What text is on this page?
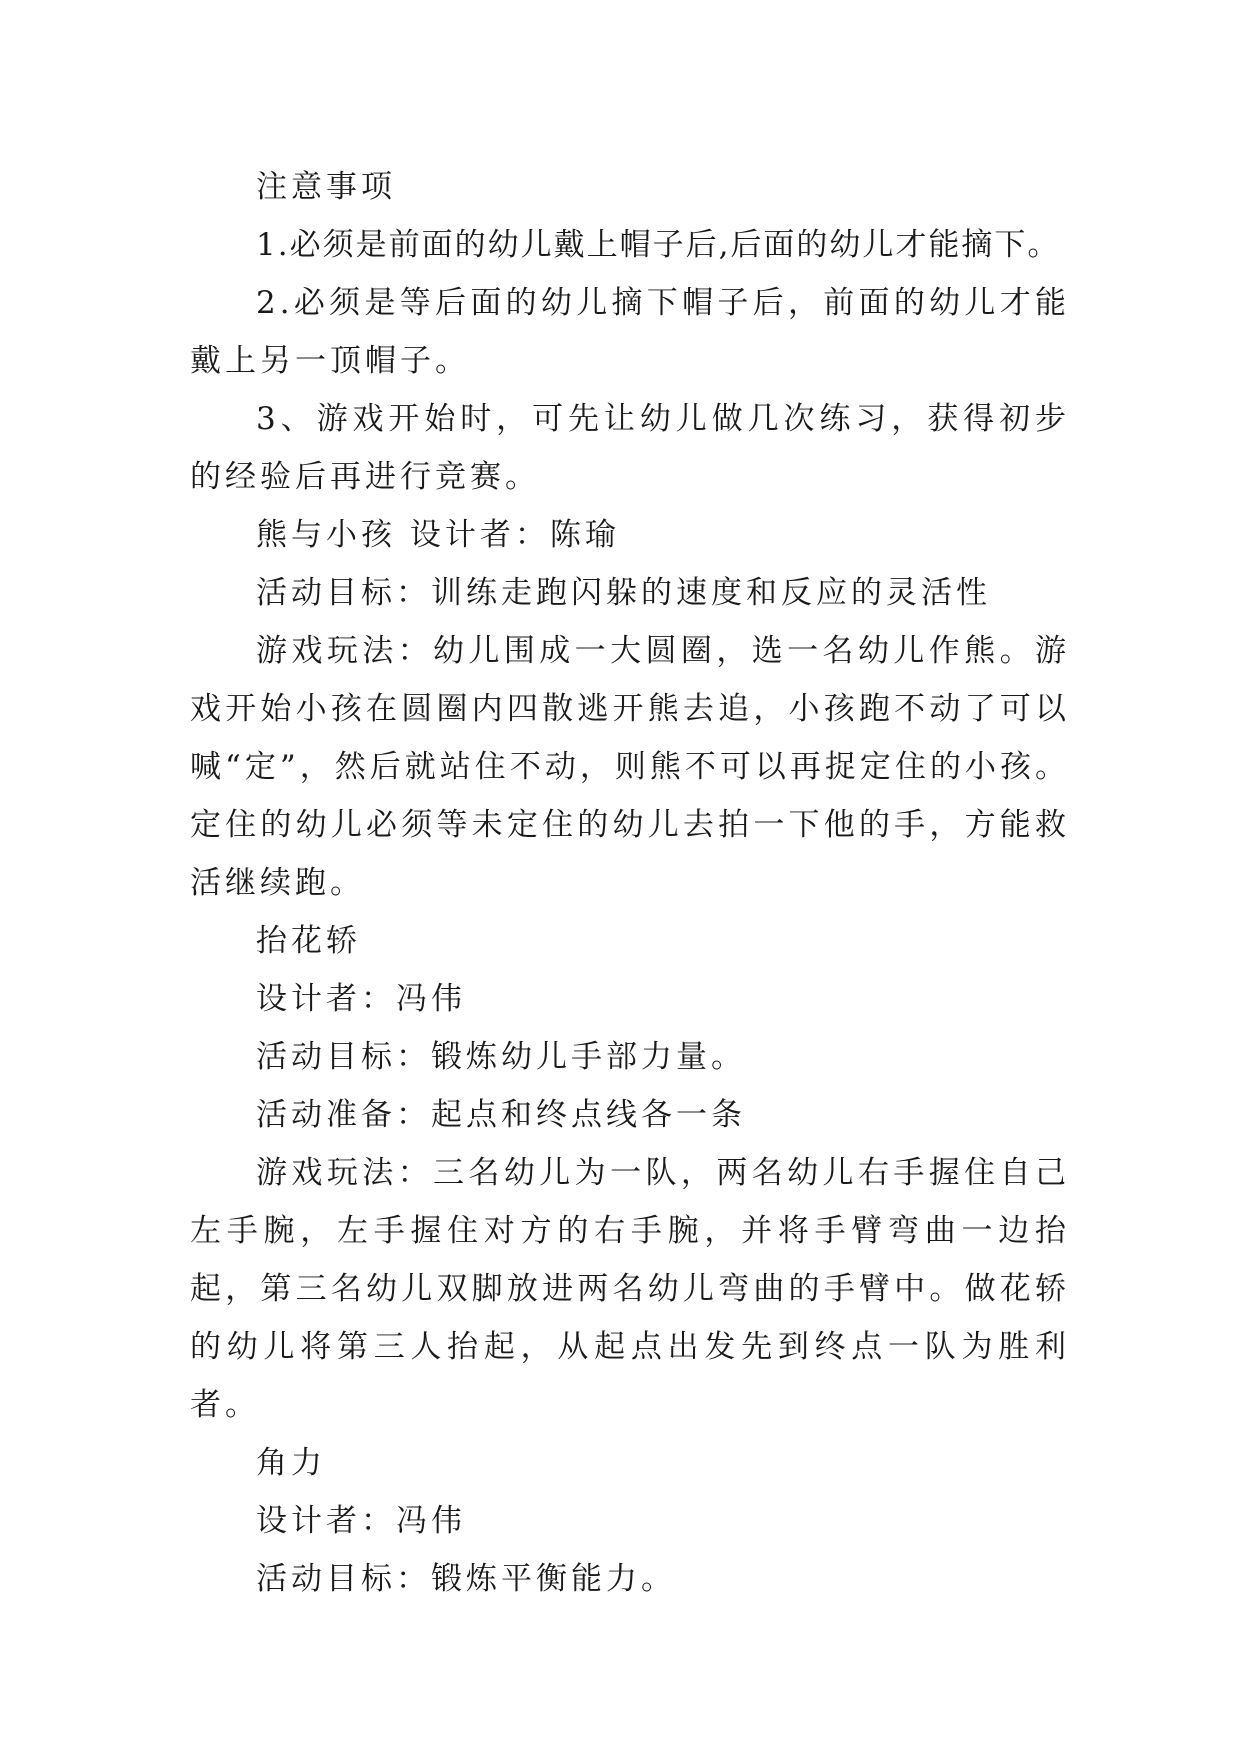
注意事项

1.必须是前面的幼儿戴上帽子后,后面的幼儿才能摘下。

2.必须是等后面的幼儿摘下帽子后，前面的幼儿才能戴上另一顶帽子。

3、游戏开始时，可先让幼儿做几次练习，获得初步的经验后再进行竞赛。

熊与小孩 设计者：陈瑜

活动目标：训练走跑闪躲的速度和反应的灵活性

游戏玩法：幼儿围成一大圆圈，选一名幼儿作熊。游戏开始小孩在圆圈内四散逃开熊去追，小孩跑不动了可以喊“定”，然后就站住不动，则熊不可以再捉定住的小孩。定住的幼儿必须等未定住的幼儿去拍一下他的手，方能救活继续跑。

抬花轿

设计者：冯伟

活动目标：锻炼幼儿手部力量。

活动准备：起点和终点线各一条

游戏玩法：三名幼儿为一队，两名幼儿右手握住自己左手腕，左手握住对方的右手腕，并将手臂弯曲一边抬起，第三名幼儿双脚放进两名幼儿弯曲的手臂中。做花轿的幼儿将第三人抬起，从起点出发先到终点一队为胜利者。

角力

设计者：冯伟

活动目标：锻炼平衡能力。
